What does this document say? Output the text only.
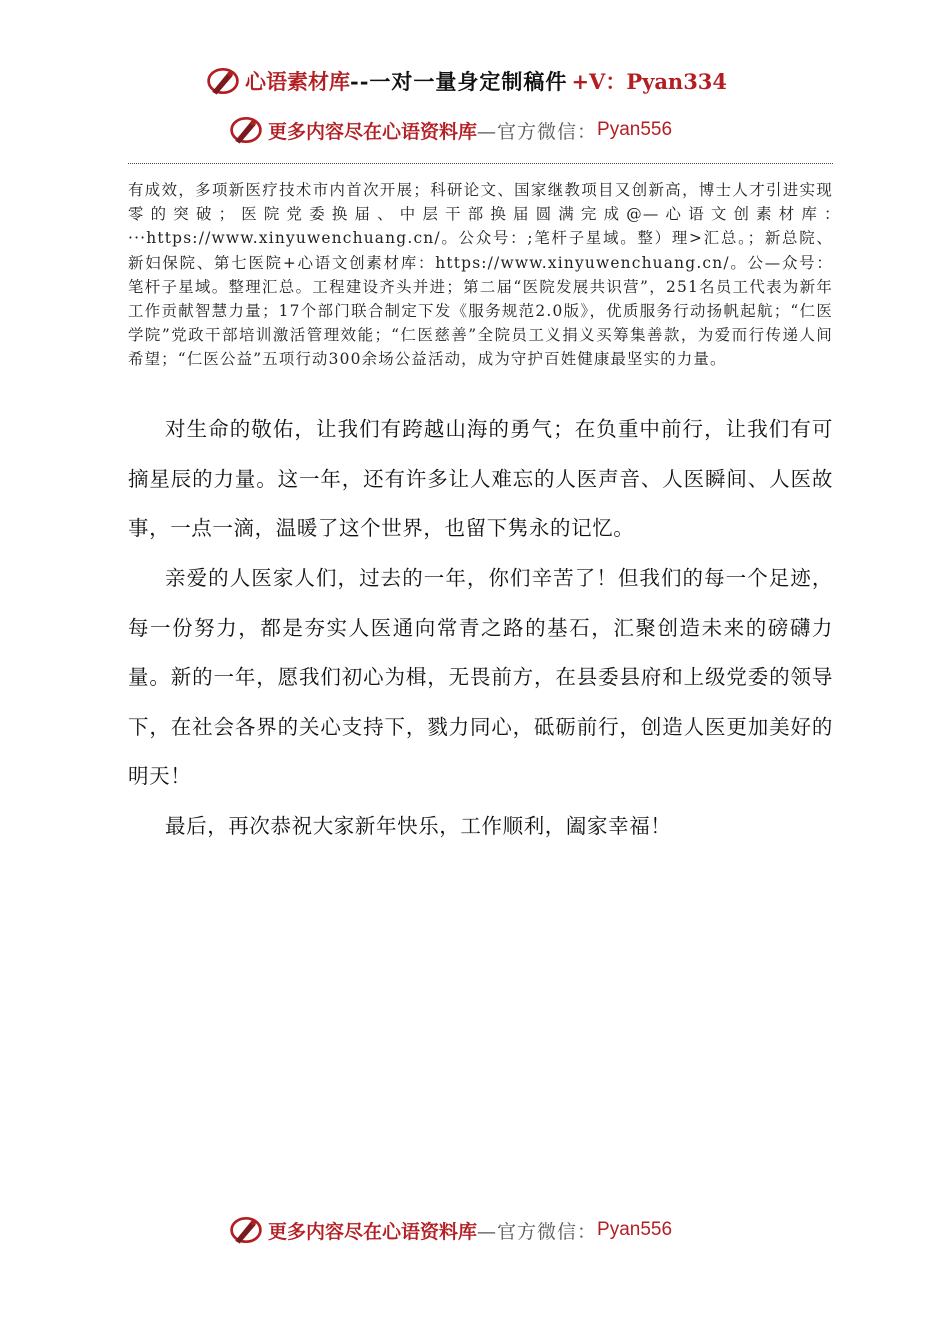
心语素材库 --一对一量身定制稿件 +V：Pyan334
更多内容尽在心语资料库 —官方微信： Pyan556

有成效，多项新医疗技术市内首次开展；科研论文、国家继教项目又创新高，博士人才引进实现零的突破；医院党委换届、中层干部换届圆满完成@—心语文创素材库：···https://www.xinyuwenchuang.cn/。公众号：;笔杆子星域。整）理>汇总。；新总院、新妇保院、第七医院+心语文创素材库：https://www.xinyuwenchuang.cn/。公—众号：笔杆子星域。整理汇总。工程建设齐头并进；第二届“医院发展共识营”，251名员工代表为新年工作贡献智慧力量；17个部门联合制定下发《服务规范2.0版》，优质服务行动扬帆起航；“仁医学院”党政干部培训激活管理效能；“仁医慈善”全院员工义捐义买筹集善款，为爱而行传递人间希望；“仁医公益”五项行动300余场公益活动，成为守护百姓健康最坚实的力量。

对生命的敬佑，让我们有跨越山海的勇气；在负重中前行，让我们有可摘星辰的力量。这一年，还有许多让人难忘的人医声音、人医瞬间、人医故事，一点一滴，温暖了这个世界，也留下隽永的记忆。

亲爱的人医家人们，过去的一年，你们辛苦了！但我们的每一个足迹，每一份努力，都是夯实人医通向常青之路的基石，汇聚创造未来的磅礴力量。新的一年，愿我们初心为楫，无畏前方，在县委县府和上级党委的领导下，在社会各界的关心支持下，戮力同心，砥砺前行，创造人医更加美好的明天！

最后，再次恭祝大家新年快乐，工作顺利，阖家幸福！

更多内容尽在心语资料库 —官方微信： Pyan556
